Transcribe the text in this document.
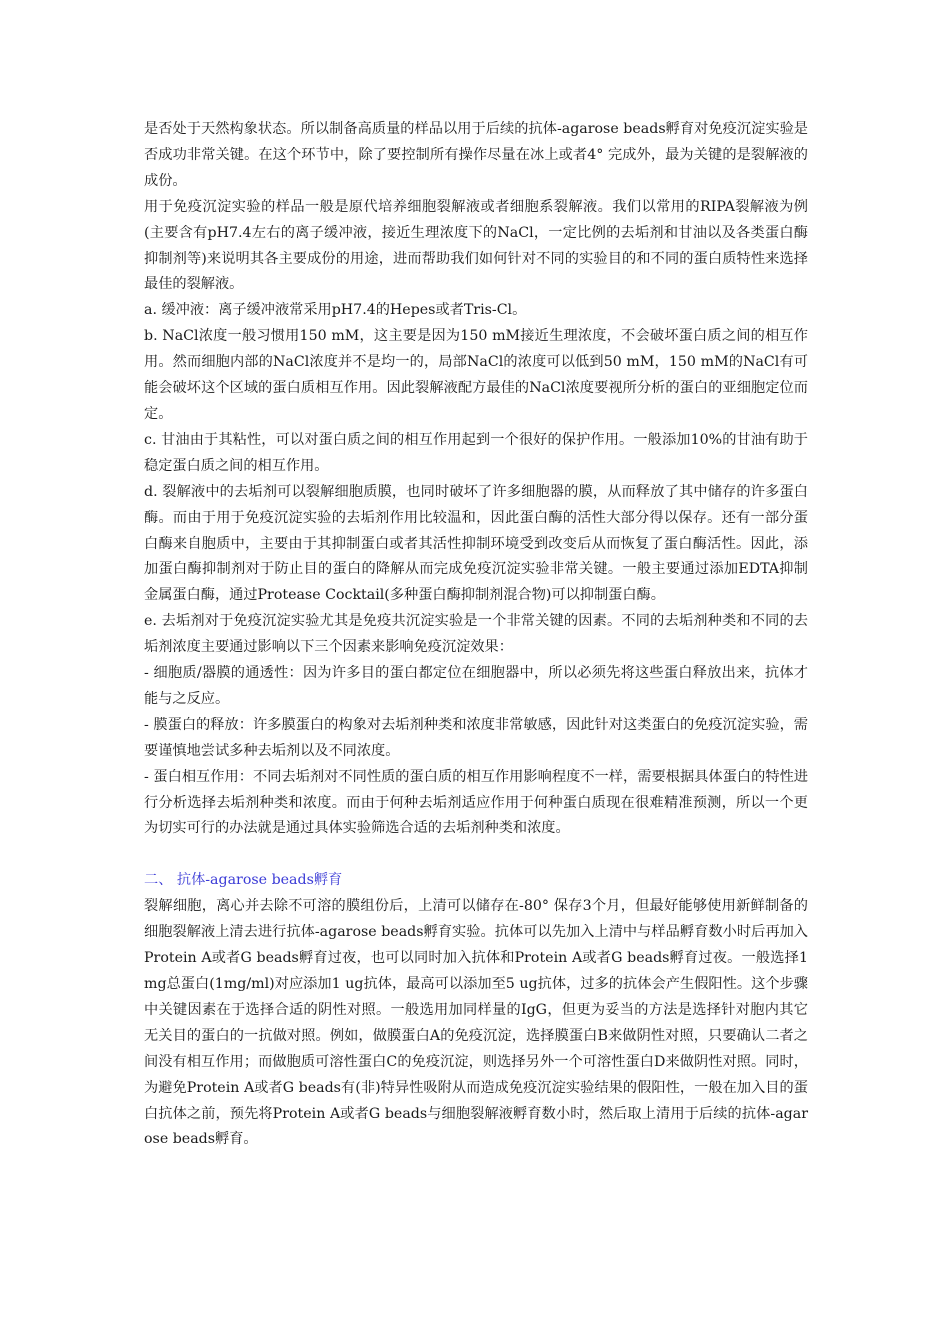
是否处于天然构象状态。所以制备高质量的样品以用于后续的抗体-agarose beads孵育对免疫沉淀实验是否成功非常关键。在这个环节中，除了要控制所有操作尽量在冰上或者4° 完成外，最为关键的是裂解液的成份。

用于免疫沉淀实验的样品一般是原代培养细胞裂解液或者细胞系裂解液。我们以常用的RIPA裂解液为例(主要含有pH7.4左右的离子缓冲液，接近生理浓度下的NaCl，一定比例的去垢剂和甘油以及各类蛋白酶抑制剂等)来说明其各主要成份的用途，进而帮助我们如何针对不同的实验目的和不同的蛋白质特性来选择最佳的裂解液。

a. 缓冲液：离子缓冲液常采用pH7.4的Hepes或者Tris-Cl。

b. NaCl浓度一般习惯用150 mM，这主要是因为150 mM接近生理浓度，不会破坏蛋白质之间的相互作用。然而细胞内部的NaCl浓度并不是均一的，局部NaCl的浓度可以低到50 mM，150 mM的NaCl有可能会破坏这个区域的蛋白质相互作用。因此裂解液配方最佳的NaCl浓度要视所分析的蛋白的亚细胞定位而定。

c. 甘油由于其粘性，可以对蛋白质之间的相互作用起到一个很好的保护作用。一般添加10%的甘油有助于稳定蛋白质之间的相互作用。

d. 裂解液中的去垢剂可以裂解细胞质膜，也同时破坏了许多细胞器的膜，从而释放了其中储存的许多蛋白酶。而由于用于免疫沉淀实验的去垢剂作用比较温和，因此蛋白酶的活性大部分得以保存。还有一部分蛋白酶来自胞质中，主要由于其抑制蛋白或者其活性抑制环境受到改变后从而恢复了蛋白酶活性。因此，添加蛋白酶抑制剂对于防止目的蛋白的降解从而完成免疫沉淀实验非常关键。一般主要通过添加EDTA抑制金属蛋白酶，通过Protease Cocktail(多种蛋白酶抑制剂混合物)可以抑制蛋白酶。

e. 去垢剂对于免疫沉淀实验尤其是免疫共沉淀实验是一个非常关键的因素。不同的去垢剂种类和不同的去垢剂浓度主要通过影响以下三个因素来影响免疫沉淀效果：

- 细胞质/器膜的通透性：因为许多目的蛋白都定位在细胞器中，所以必须先将这些蛋白释放出来，抗体才能与之反应。

- 膜蛋白的释放：许多膜蛋白的构象对去垢剂种类和浓度非常敏感，因此针对这类蛋白的免疫沉淀实验，需要谨慎地尝试多种去垢剂以及不同浓度。

- 蛋白相互作用：不同去垢剂对不同性质的蛋白质的相互作用影响程度不一样，需要根据具体蛋白的特性进行分析选择去垢剂种类和浓度。而由于何种去垢剂适应作用于何种蛋白质现在很难精准预测，所以一个更为切实可行的办法就是通过具体实验筛选合适的去垢剂种类和浓度。

二、 抗体-agarose beads孵育

裂解细胞，离心并去除不可溶的膜组份后，上清可以储存在-80° 保存3个月，但最好能够使用新鲜制备的细胞裂解液上清去进行抗体-agarose beads孵育实验。抗体可以先加入上清中与样品孵育数小时后再加入Protein A或者G beads孵育过夜，也可以同时加入抗体和Protein A或者G beads孵育过夜。一般选择1mg总蛋白(1mg/ml)对应添加1 ug抗体，最高可以添加至5 ug抗体，过多的抗体会产生假阳性。这个步骤中关键因素在于选择合适的阴性对照。一般选用加同样量的IgG，但更为妥当的方法是选择针对胞内其它无关目的蛋白的一抗做对照。例如，做膜蛋白A的免疫沉淀，选择膜蛋白B来做阴性对照，只要确认二者之间没有相互作用；而做胞质可溶性蛋白C的免疫沉淀，则选择另外一个可溶性蛋白D来做阴性对照。同时，为避免Protein A或者G beads有(非)特异性吸附从而造成免疫沉淀实验结果的假阳性，一般在加入目的蛋白抗体之前，预先将Protein A或者G beads与细胞裂解液孵育数小时，然后取上清用于后续的抗体-agarose beads孵育。
